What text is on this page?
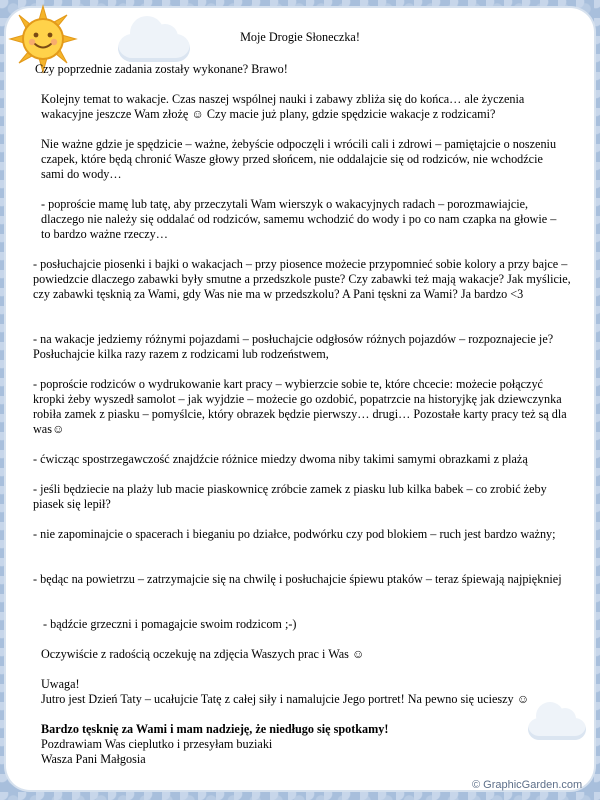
Moje Drogie Słoneczka!

Czy poprzednie zadania zostały wykonane? Brawo!

Kolejny temat to wakacje. Czas naszej wspólnej nauki i zabawy zbliża się do końca… ale życzenia wakacyjne jeszcze Wam złożę ☺ Czy macie już plany, gdzie spędzicie wakacje z rodzicami?

Nie ważne gdzie je spędzicie – ważne, żebyście odpoczęli i wrócili cali i zdrowi – pamiętajcie o noszeniu czapek, które będą chronić Wasze głowy przed słońcem, nie oddalajcie się od rodziców, nie wchodźcie sami do wody…

- poproście mamę lub tatę, aby przeczytali Wam wierszyk o wakacyjnych radach – porozmawiajcie, dlaczego nie należy się oddalać od rodziców, samemu wchodzić do wody i po co nam czapka na głowie – to bardzo ważne rzeczy…

- posłuchajcie piosenki i bajki o wakacjach – przy piosence możecie przypomnieć sobie kolory a przy bajce – powiedzcie dlaczego zabawki były smutne a przedszkole puste? Czy zabawki też mają wakacje? Jak myślicie, czy zabawki tęsknią za Wami, gdy Was nie ma w przedszkolu? A Pani tęskni za Wami? Ja bardzo <3

- na wakacje jedziemy różnymi pojazdami – posłuchajcie odgłosów różnych pojazdów – rozpoznajecie je? Posłuchajcie kilka razy razem z rodzicami lub rodzeństwem,

- poproście rodziców o wydrukowanie kart pracy – wybierzcie sobie te, które chcecie: możecie połączyć kropki żeby wyszedł samolot – jak wyjdzie – możecie go ozdobić, popatrzcie na historyjkę jak dziewczynka robiła zamek z piasku – pomyślcie, który obrazek będzie pierwszy… drugi… Pozostałe karty pracy też są dla was☺

- ćwicząc spostrzegawczość znajdźcie różnice miedzy dwoma niby takimi samymi obrazkami z plażą

- jeśli będziecie na plaży lub macie piaskownicę zróbcie zamek z piasku lub kilka babek – co zrobić żeby piasek się lepił?

- nie zapominajcie o spacerach i bieganiu po działce, podwórku czy pod blokiem – ruch jest bardzo ważny;

- będąc na powietrzu – zatrzymajcie się na chwilę i posłuchajcie śpiewu ptaków – teraz śpiewają najpiękniej

- bądźcie grzeczni i pomagajcie swoim rodzicom ;-)

Oczywiście z radością oczekuję na zdjęcia Waszych prac i Was ☺

Uwaga!
Jutro jest Dzień Taty – ucałujcie Tatę z całej siły i namalujcie Jego portret! Na pewno się ucieszy ☺

Bardzo tęsknię za Wami i mam nadzieję, że niedługo się spotkamy!

Pozdrawiam Was cieplutko i przesyłam buziaki
Wasza Pani Małgosia

© GraphicGarden.com
